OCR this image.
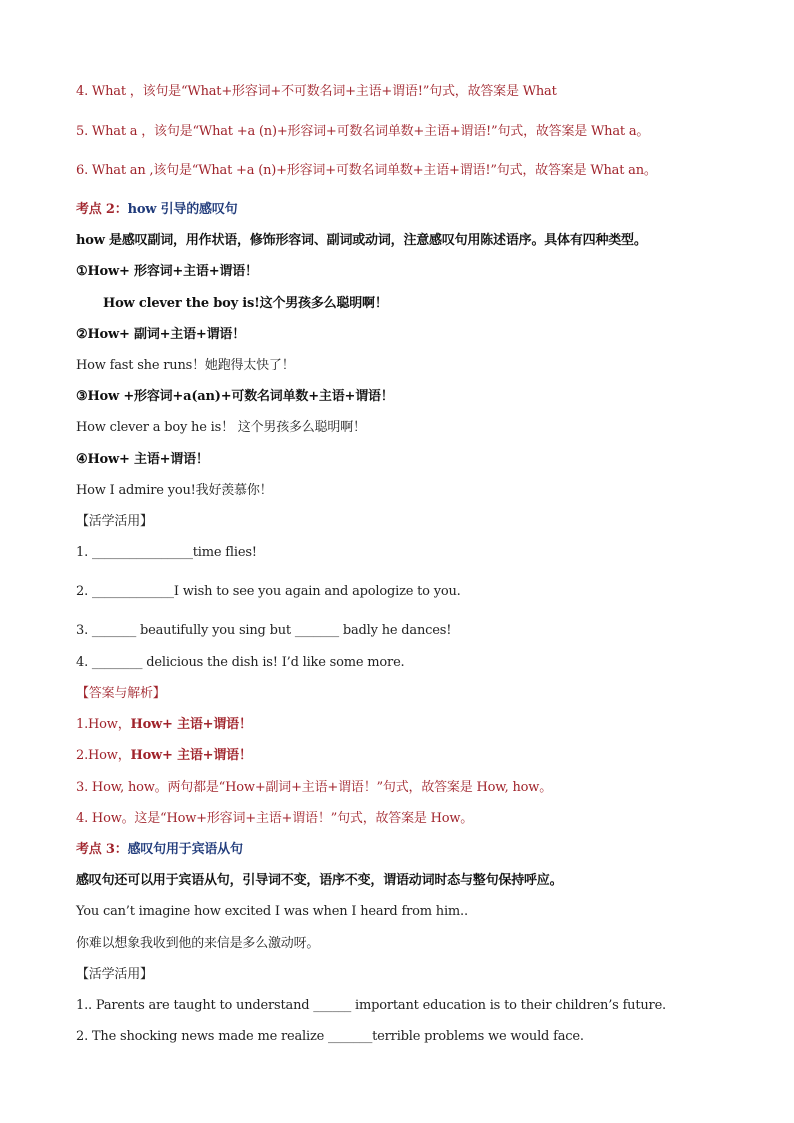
4. What ，该句是“What+形容词+不可数名词+主语+谓语!”句式，故答案是 What
5. What a ，该句是“What +a (n)+形容词+可数名词单数+主语+谓语!”句式，故答案是 What a。
6. What an ,该句是“What +a (n)+形容词+可数名词单数+主语+谓语!”句式，故答案是 What an。
考点 2：how 引导的感叹句
how 是感叹副词，用作状语，修饰形容词、副词或动词，注意感叹句用陈述语序。具体有四种类型。
①How+ 形容词+主语+谓语！
How clever the boy is!这个男孩多么聪明啊！
②How+ 副词+主语+谓语！
How fast she runs！她跑得太快了！
③How +形容词+a(an)+可数名词单数+主语+谓语！
How clever a boy he is！ 这个男孩多么聪明啊！
④How+ 主语+谓语！
How I admire you!我好羡慕你！
【活学活用】
1. ________________time flies!
2. _____________I wish to see you again and apologize to you.
3. _______ beautifully you sing but _______ badly he dances!
4. ________ delicious the dish is! I’d like some more.
【答案与解析】
1.How，How+ 主语+谓语！
2.How，How+ 主语+谓语！
3. How, how。两句都是“How+副词+主语+谓语！”句式，故答案是 How, how。
4. How。这是“How+形容词+主语+谓语！”句式，故答案是 How。
考点 3：感叹句用于宾语从句
感叹句还可以用于宾语从句，引导词不变，语序不变，谓语动词时态与整句保持呼应。
You can’t imagine how excited I was when I heard from him..
你难以想象我收到他的来信是多么激动呀。
【活学活用】
1.. Parents are taught to understand ______ important education is to their children’s future.
2. The shocking news made me realize _______terrible problems we would face.
